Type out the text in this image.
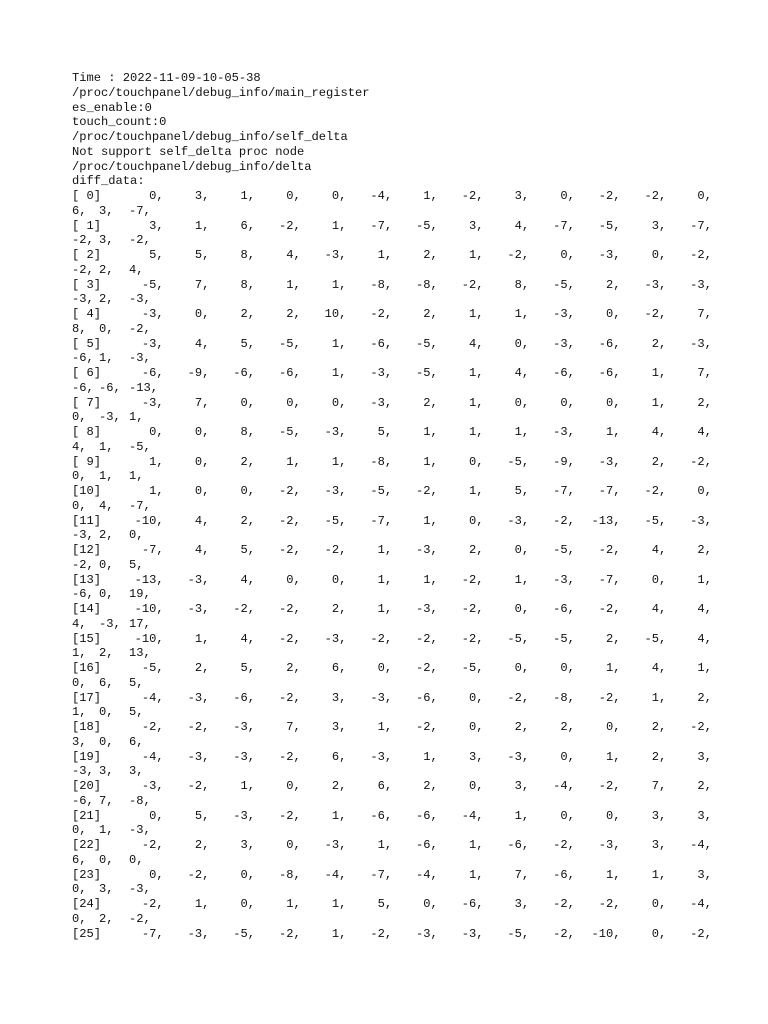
Time : 2022-11-09-10-05-38
/proc/touchpanel/debug_info/main_register
es_enable:0
touch_count:0
/proc/touchpanel/debug_info/self_delta
Not support self_delta proc node
/proc/touchpanel/debug_info/delta
diff_data:
[ 0]	0,	3,	1,	0,	0,	-4,	1,	-2,	3,	0,	-2,	-2,	0,
6,	3,	-7,
[ 1]	3,	1,	6,	-2,	1,	-7,	-5,	3,	4,	-7,	-5,	3,	-7,
-2, 3,	-2,
[ 2]	5,	5,	8,	4,	-3,	1,	2,	1,	-2,	0,	-3,	0,	-2,
-2, 2,	4,
[ 3]	-5,	7,	8,	1,	1,	-8,	-8,	-2,	8,	-5,	2,	-3,	-3,
-3, 2,	-3,
[ 4]	-3,	0,	2,	2,	10,	-2,	2,	1,	1,	-3,	0,	-2,	7,
8,	0,	-2,
[ 5]	-3,	4,	5,	-5,	1,	-6,	-5,	4,	0,	-3,	-6,	2,	-3,
-6, 1,	-3,
[ 6]	-6,	-9,	-6,	-6,	1,	-3,	-5,	1,	4,	-6,	-6,	1,	7,
-6, -6, -13,
[ 7]	-3,	7,	0,	0,	0,	-3,	2,	1,	0,	0,	0,	1,	2,
0,	-3, 1,
[ 8]	0,	0,	8,	-5,	-3,	5,	1,	1,	1,	-3,	1,	4,	4,
4,	1,	-5,
[ 9]	1,	0,	2,	1,	1,	-8,	1,	0,	-5,	-9,	-3,	2,	-2,
0,	1,	1,
[10]	1,	0,	0,	-2,	-3,	-5,	-2,	1,	5,	-7,	-7,	-2,	0,
0,	4,	-7,
[11]	-10,	4,	2,	-2,	-5,	-7,	1,	0,	-3,	-2,	-13,	-5,	-3,
-3, 2,	0,
[12]	-7,	4,	5,	-2,	-2,	1,	-3,	2,	0,	-5,	-2,	4,	2,
-2, 0,	5,
[13]	-13,	-3,	4,	0,	0,	1,	1,	-2,	1,	-3,	-7,	0,	1,
-6, 0,	19,
[14]	-10,	-3,	-2,	-2,	2,	1,	-3,	-2,	0,	-6,	-2,	4,	4,
4,	-3, 17,
[15]	-10,	1,	4,	-2,	-3,	-2,	-2,	-2,	-5,	-5,	2,	-5,	4,
1,	2,	13,
[16]	-5,	2,	5,	2,	6,	0,	-2,	-5,	0,	0,	1,	4,	1,
0,	6,	5,
[17]	-4,	-3,	-6,	-2,	3,	-3,	-6,	0,	-2,	-8,	-2,	1,	2,
1,	0,	5,
[18]	-2,	-2,	-3,	7,	3,	1,	-2,	0,	2,	2,	0,	2,	-2,
3,	0,	6,
[19]	-4,	-3,	-3,	-2,	6,	-3,	1,	3,	-3,	0,	1,	2,	3,
-3, 3,	3,
[20]	-3,	-2,	1,	0,	2,	6,	2,	0,	3,	-4,	-2,	7,	2,
-6, 7,	-8,
[21]	0,	5,	-3,	-2,	1,	-6,	-6,	-4,	1,	0,	0,	3,	3,
0,	1,	-3,
[22]	-2,	2,	3,	0,	-3,	1,	-6,	1,	-6,	-2,	-3,	3,	-4,
6,	0,	0,
[23]	0,	-2,	0,	-8,	-4,	-7,	-4,	1,	7,	-6,	1,	1,	3,
0,	3,	-3,
[24]	-2,	1,	0,	1,	1,	5,	0,	-6,	3,	-2,	-2,	0,	-4,
0,	2,	-2,
[25]	-7,	-3,	-5,	-2,	1,	-2,	-3,	-3,	-5,	-2,	-10,	0,	-2,
